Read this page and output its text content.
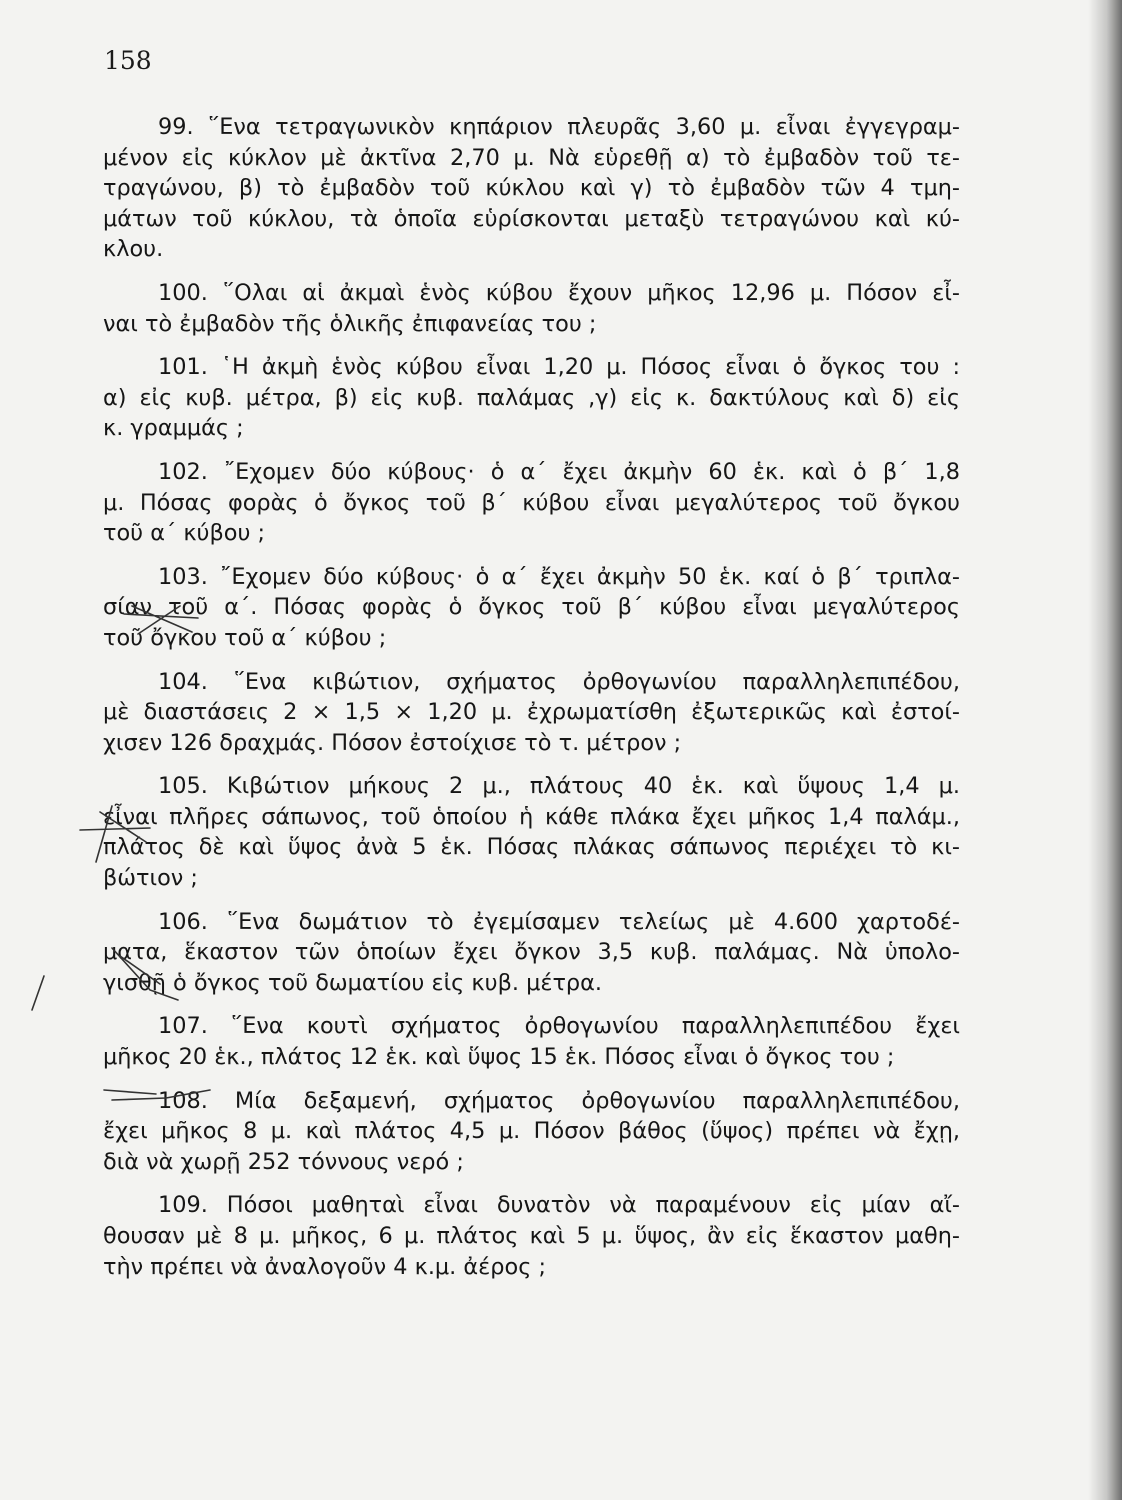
158
99. ῞Ενα τετραγωνικὸν κηπάριον πλευρᾶς 3,60 μ. εἶναι ἐγγεγραμ-
μένον εἰς κύκλον μὲ ἀκτῖνα 2,70 μ. Νὰ εὑρεθῇ α) τὸ ἐμβαδὸν τοῦ τε-
τραγώνου, β) τὸ ἐμβαδὸν τοῦ κύκλου καὶ γ) τὸ ἐμβαδὸν τῶν 4 τμη-
μάτων τοῦ κύκλου, τὰ ὁποῖα εὑρίσκονται μεταξὺ τετραγώνου καὶ κύ-
κλου.
100. ῞Ολαι αἱ ἀκμαὶ ἑνὸς κύβου ἔχουν μῆκος 12,96 μ. Πόσον εἶ-
ναι τὸ ἐμβαδὸν τῆς ὁλικῆς ἐπιφανείας του ;
101. ῾Η ἀκμὴ ἑνὸς κύβου εἶναι 1,20 μ. Πόσος εἶναι ὁ ὄγκος του :
α) εἰς κυβ. μέτρα, β) εἰς κυβ. παλάμας ,γ) εἰς κ. δακτύλους καὶ δ) εἰς
κ. γραμμάς ;
102. ῎Εχομεν δύο κύβους· ὁ α΄ ἔχει ἀκμὴν 60 ἑκ. καὶ ὁ β΄ 1,8
μ. Πόσας φορὰς ὁ ὄγκος τοῦ β΄ κύβου εἶναι μεγαλύτερος τοῦ ὄγκου
τοῦ α΄ κύβου ;
103. ῎Εχομεν δύο κύβους· ὁ α΄ ἔχει ἀκμὴν 50 ἑκ. καί ὁ β΄ τριπλα-
σίαν τοῦ α΄. Πόσας φορὰς ὁ ὄγκος τοῦ β΄ κύβου εἶναι μεγαλύτερος
τοῦ ὄγκου τοῦ α΄ κύβου ;
104. ῞Ενα κιβώτιον, σχήματος ὀρθογωνίου παραλληλεπιπέδου,
μὲ διαστάσεις 2 × 1,5 × 1,20 μ. ἐχρωματίσθη ἐξωτερικῶς καὶ ἐστοί-
χισεν 126 δραχμάς. Πόσον ἐστοίχισε τὸ τ. μέτρον ;
105. Κιβώτιον μήκους 2 μ., πλάτους 40 ἑκ. καὶ ὕψους 1,4 μ.
εἶναι πλῆρες σάπωνος, τοῦ ὁποίου ἡ κάθε πλάκα ἔχει μῆκος 1,4 παλάμ.,
πλάτος δὲ καὶ ὕψος ἀνὰ 5 ἑκ. Πόσας πλάκας σάπωνος περιέχει τὸ κι-
βώτιον ;
106. ῞Ενα δωμάτιον τὸ ἐγεμίσαμεν τελείως μὲ 4.600 χαρτοδέ-
ματα, ἕκαστον τῶν ὁποίων ἔχει ὄγκον 3,5 κυβ. παλάμας. Νὰ ὑπολο-
γισθῇ ὁ ὄγκος τοῦ δωματίου εἰς κυβ. μέτρα.
107. ῞Ενα κουτὶ σχήματος ὀρθογωνίου παραλληλεπιπέδου ἔχει
μῆκος 20 ἑκ., πλάτος 12 ἑκ. καὶ ὕψος 15 ἑκ. Πόσος εἶναι ὁ ὄγκος του ;
108. Μία δεξαμενή, σχήματος ὀρθογωνίου παραλληλεπιπέδου,
ἔχει μῆκος 8 μ. καὶ πλάτος 4,5 μ. Πόσον βάθος (ὕψος) πρέπει νὰ ἔχῃ,
διὰ νὰ χωρῇ 252 τόννους νερό ;
109. Πόσοι μαθηταὶ εἶναι δυνατὸν νὰ παραμένουν εἰς μίαν αἴ-
θουσαν μὲ 8 μ. μῆκος, 6 μ. πλάτος καὶ 5 μ. ὕψος, ἂν εἰς ἕκαστον μαθη-
τὴν πρέπει νὰ ἀναλογοῦν 4 κ.μ. ἀέρος ;
